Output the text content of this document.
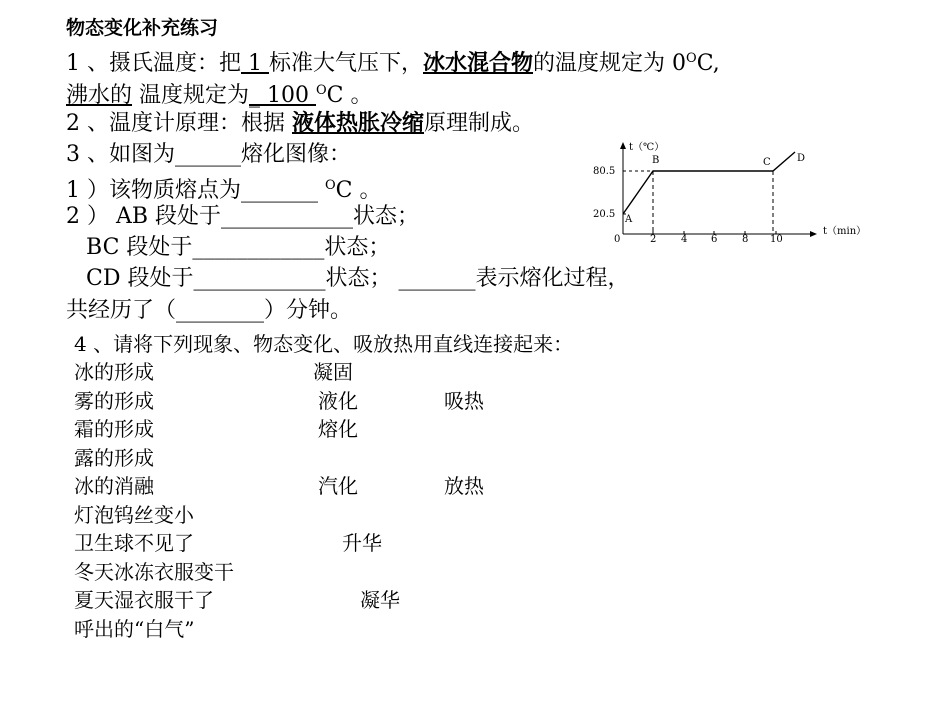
物态变化补充练习
1 、摄氏温度：把 1 标准大气压下，冰水混合物的温度规定为 $0^OC$,
沸水的 温度规定为_ 100 $^O$C 。
2 、温度计原理：根据 液体热胀冷缩原理制成。
3 、如图为______熔化图像：
1 ）该物质熔点为_______ $^O$C 。
2 ） AB 段处于____________状态；
BC 段处于____________状态；
CD 段处于____________状态； _______表示熔化过程，
共经历了（________）分钟。
t（℃）
t（min）
80.5
20.5
0	2 4 6 8 10
A
B	C	D
4 、请将下列现象、物态变化、吸放热用直线连接起来：
冰的形成
雾的形成
霜的形成
露的形成
冰的消融
灯泡钨丝变小
卫生球不见了
冬天冰冻衣服变干
夏天湿衣服干了
呼出的“白气”
凝固
液化
熔化
汽化
升华
凝华
吸热
放热
